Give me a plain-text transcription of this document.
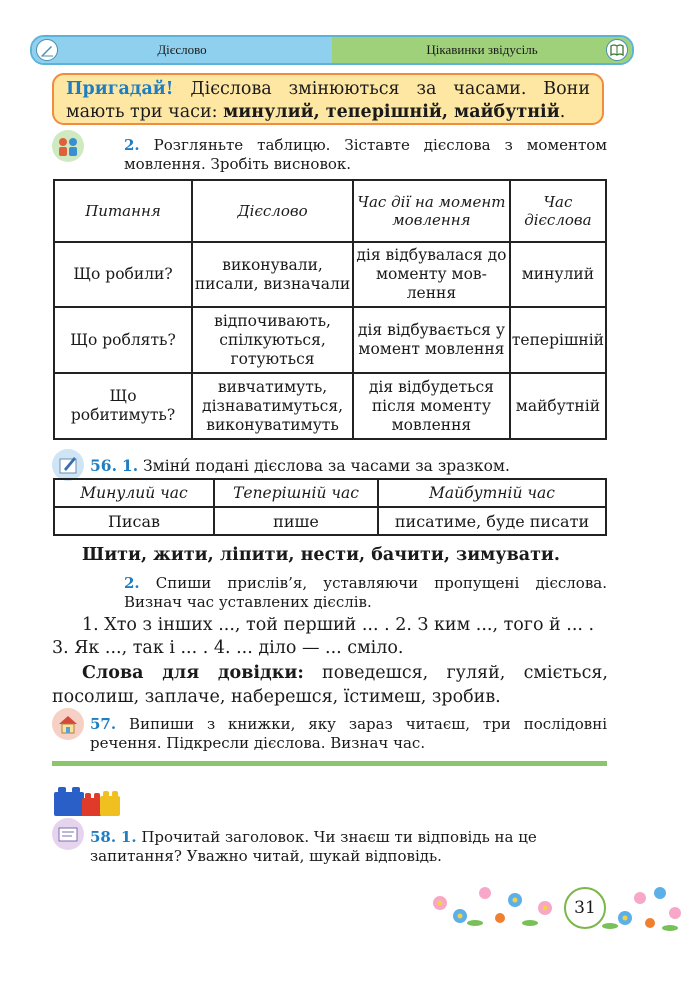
Дієслово	Цікавинки звідусіль
Пригадай! Дієслова змінюються за часами. Вони мають три часи: минулий, теперішній, майбутній.
2. Розгляньте таблицю. Зіставте дієслова з моментом мовлення. Зробіть висновок.
Питання	Дієслово	Час дії на момент мовлення	Час дієслова
Що робили?	виконували, писали, визначали	дія відбувалася до моменту мов-лення	минулий
Що роблять?	відпочивають, спілкуються, готуються	дія відбувається у момент мовлення	теперішній
Що робитимуть?	вивчатимуть, дізнаватимуться, виконуватимуть	дія відбудеться після моменту мовлення	майбутній
56. 1. Зміни́ подані дієслова за часами за зразком.
Минулий час	Теперішній час	Майбутній час
Писав	пише	писатиме, буде писати
Шити, жити, ліпити, нести, бачити, зимувати.
2. Спиши прислів’я, уставляючи пропущені дієслова. Визнач час уставлених дієслів.
1. Хто з інших ..., той перший ... . 2. З ким ..., того й ... .
3. Як ..., так і ... . 4. ... діло — ... сміло.
Слова для довідки: поведешся, гуляй, сміється, посолиш, заплаче, наберешся, їстимеш, зробив.
57. Випиши з книжки, яку зараз читаєш, три послідовні речення. Підкресли дієслова. Визнач час.
58. 1. Прочитай заголовок. Чи знаєш ти відповідь на це запитання? Уважно читай, шукай відповідь.
31
